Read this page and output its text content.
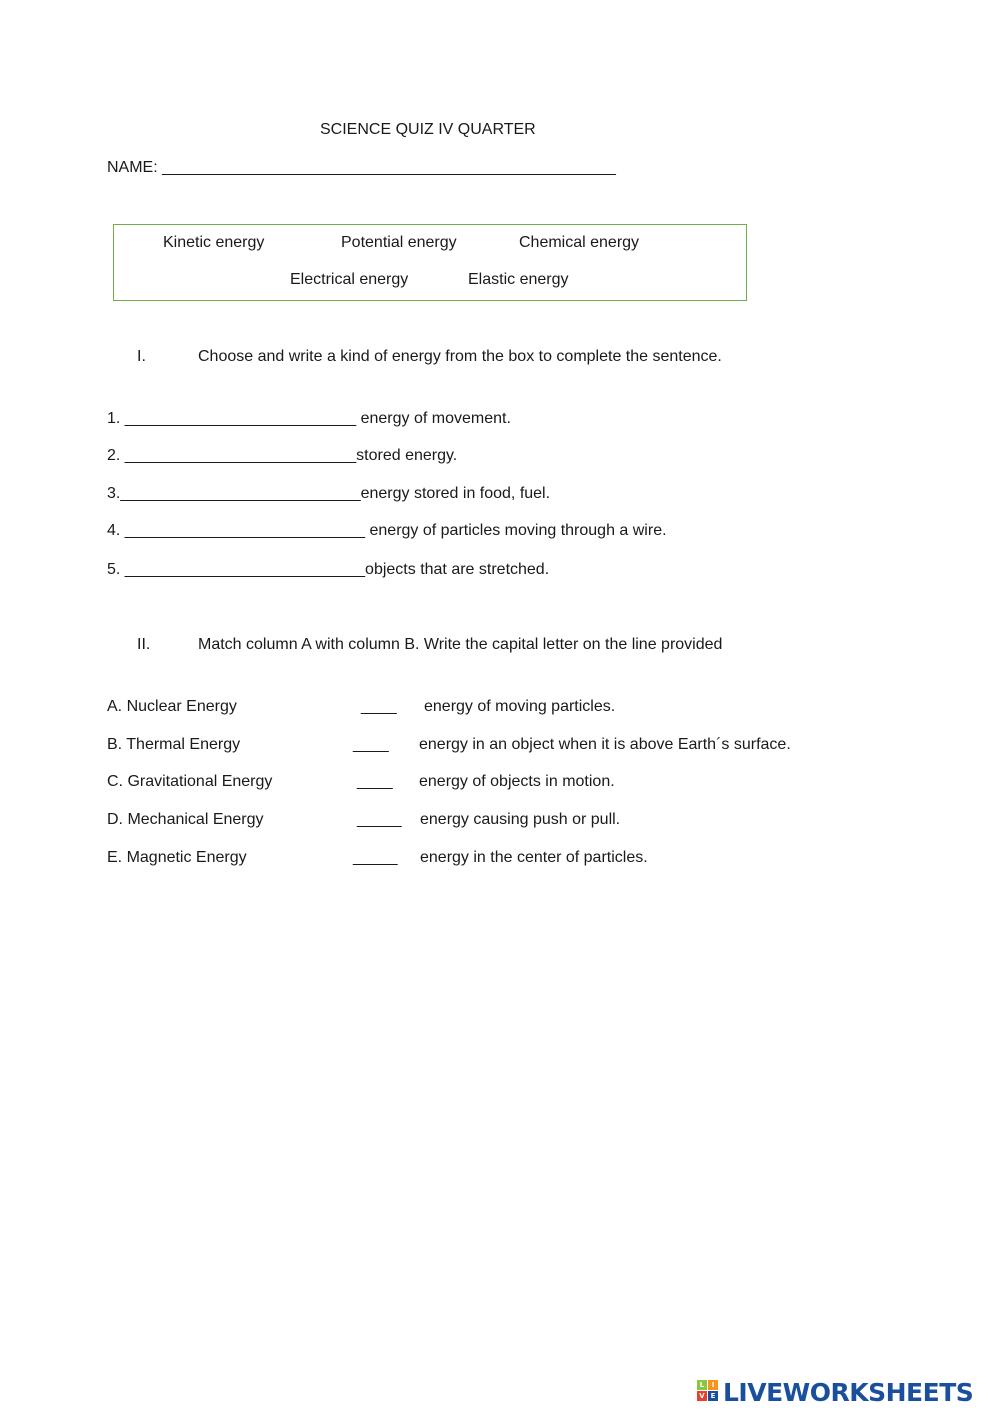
SCIENCE QUIZ IV QUARTER
NAME: ___________________________________________________
Kinetic energy	Potential energy	Chemical energy
Electrical energy	Elastic energy
I.	Choose and write a kind of energy from the box to complete the sentence.
1. __________________________ energy of movement.
2. __________________________stored energy.
3.___________________________energy stored in food, fuel.
4. ___________________________ energy of particles moving through a wire.
5. ___________________________objects that are stretched.
II.	Match column A with column B. Write the capital letter on the line provided
A. Nuclear Energy	____ energy of moving particles.
B. Thermal Energy	____ energy in an object when it is above Earth´s surface.
C. Gravitational Energy	____ energy of objects in motion.
D. Mechanical Energy	_____ energy causing push or pull.
E. Magnetic Energy	_____ energy in the center of particles.
L	I
V E LIVEWORKSHEETS
